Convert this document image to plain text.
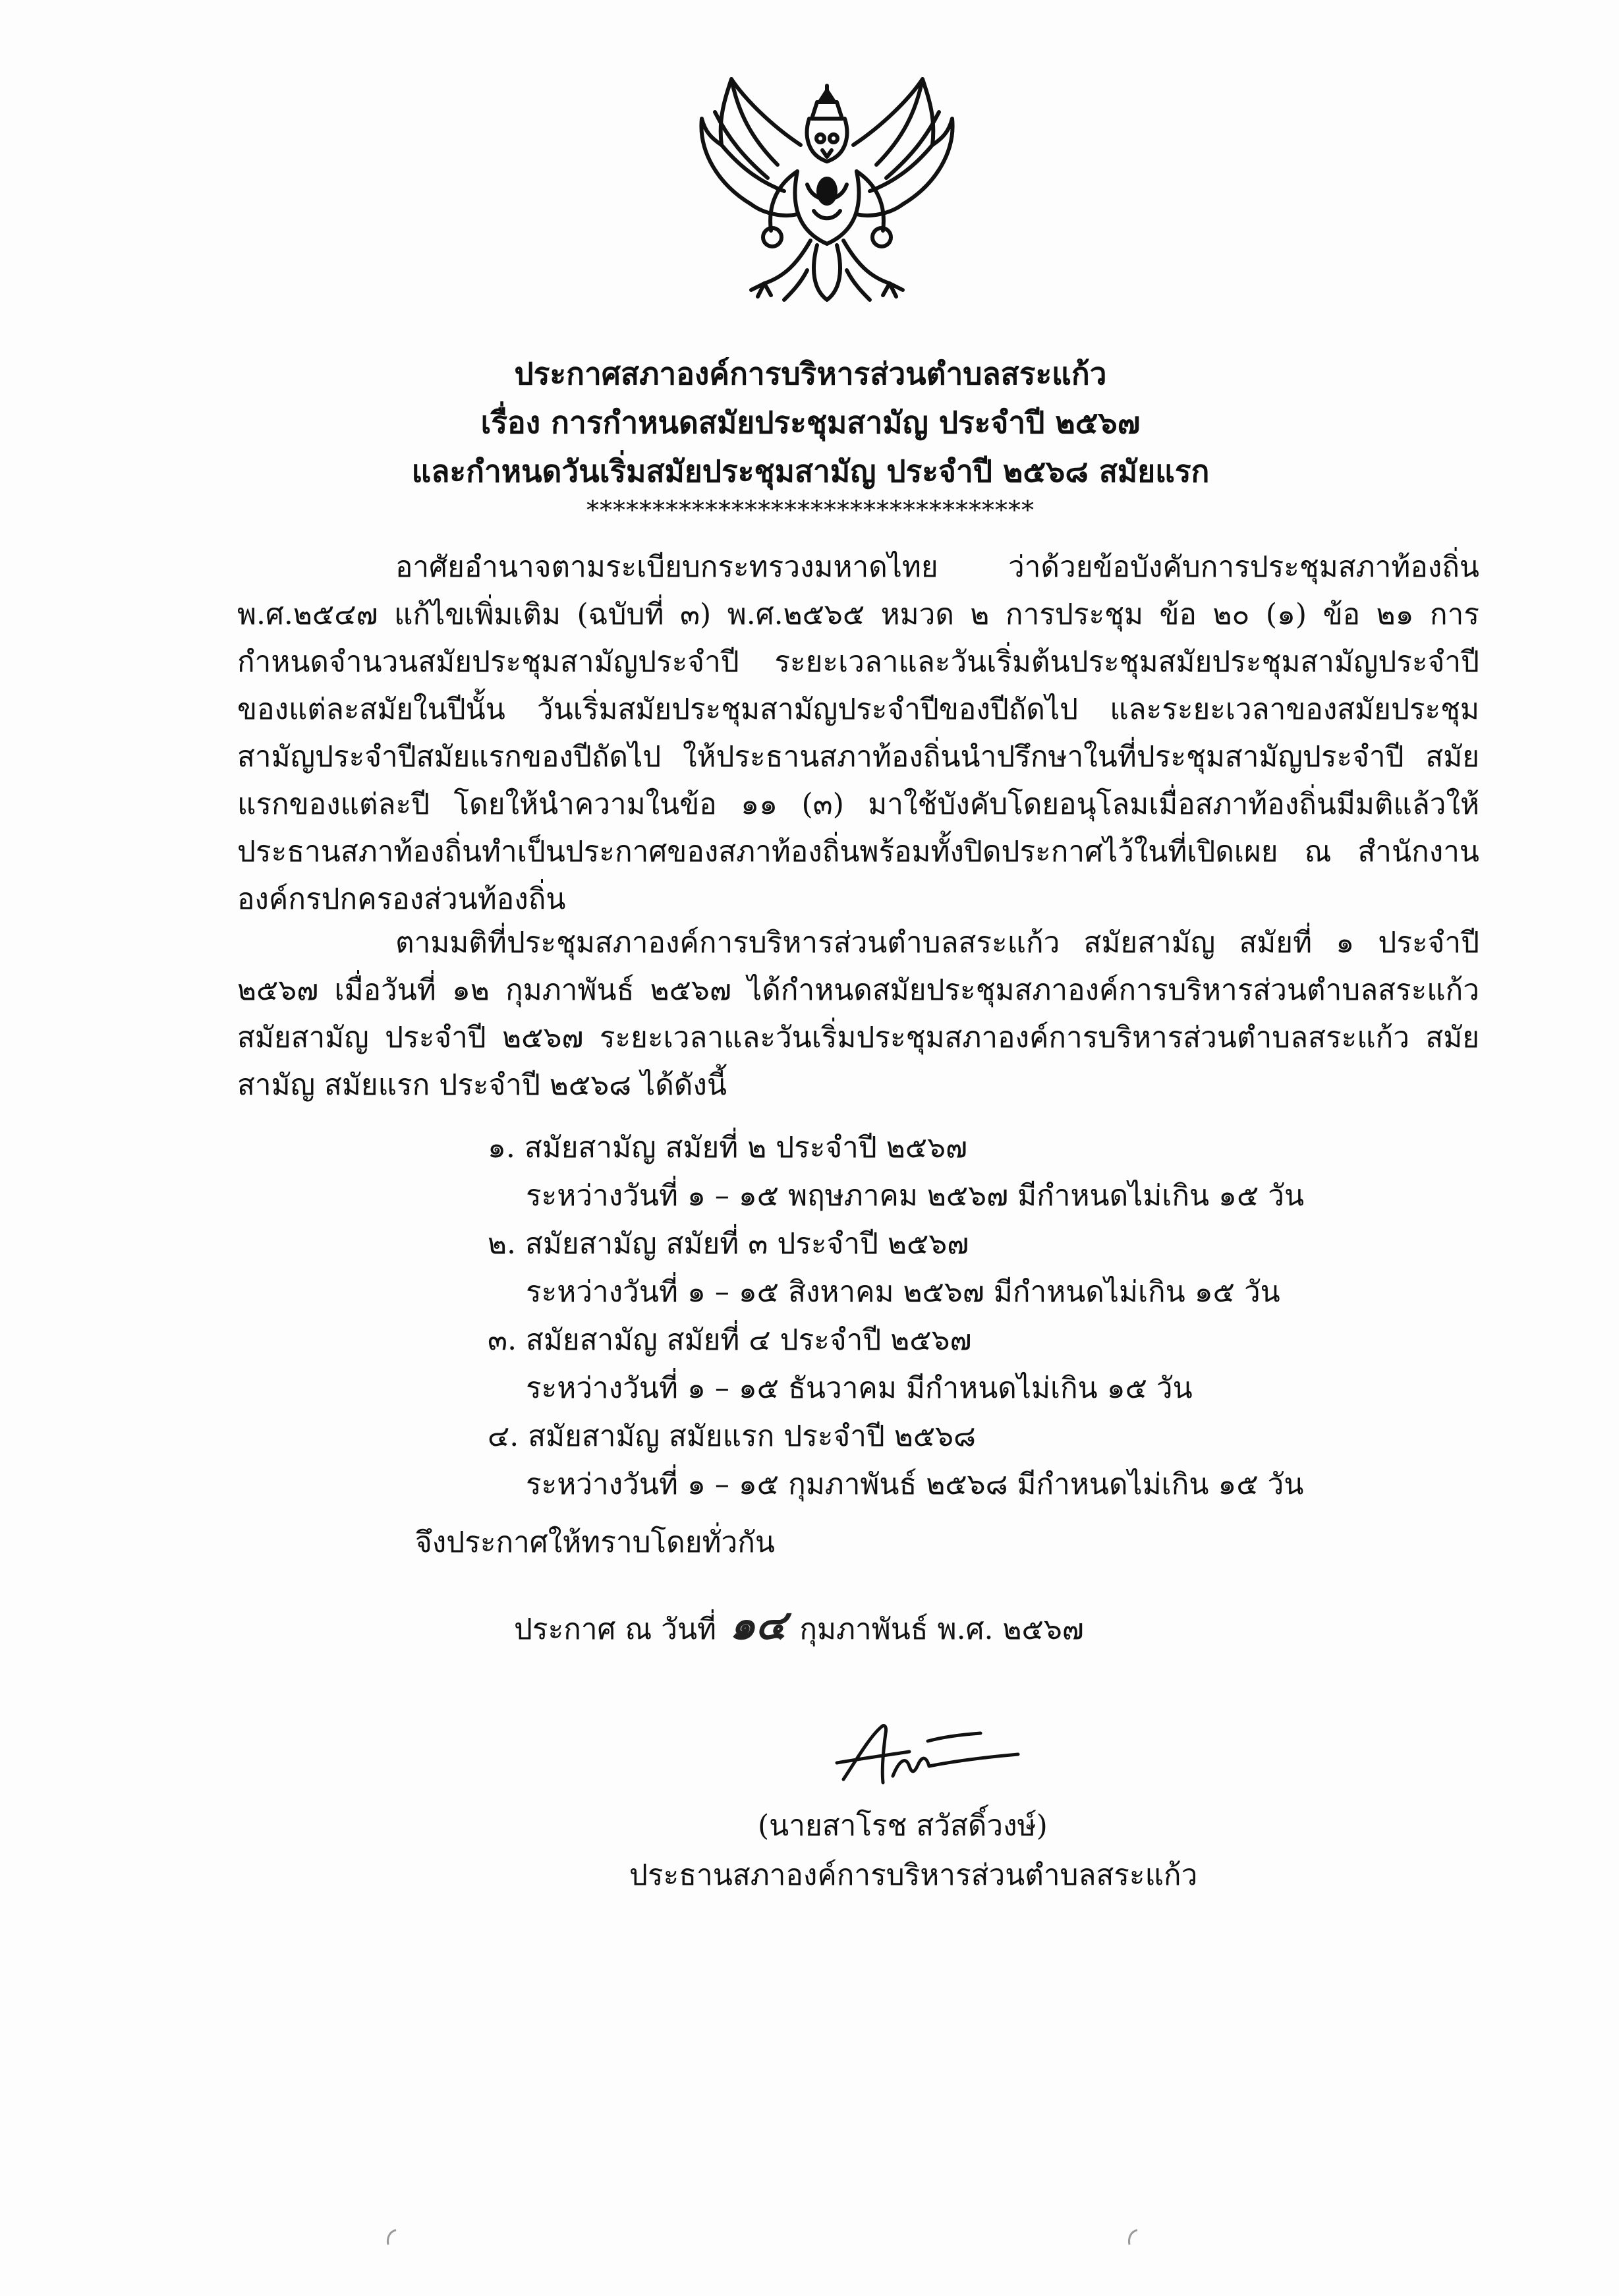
ประกาศสภาองค์การบริหารส่วนตำบลสระแก้ว
เรื่อง การกำหนดสมัยประชุมสามัญ ประจำปี ๒๕๖๗
และกำหนดวันเริ่มสมัยประชุมสามัญ ประจำปี ๒๕๖๘ สมัยแรก
**********************************
อาศัยอำนาจตามระเบียบกระทรวงมหาดไทย ว่าด้วยข้อบังคับการประชุมสภาท้องถิ่น พ.ศ.๒๕๔๗ แก้ไขเพิ่มเติม (ฉบับที่ ๓) พ.ศ.๒๕๖๕ หมวด ๒ การประชุม ข้อ ๒๐ (๑) ข้อ ๒๑ การกำหนดจำนวนสมัยประชุมสามัญประจำปี ระยะเวลาและวันเริ่มต้นประชุมสมัยประชุมสามัญประจำปีของแต่ละสมัยในปีนั้น วันเริ่มสมัยประชุมสามัญประจำปีของปีถัดไป และระยะเวลาของสมัยประชุมสามัญประจำปีสมัยแรกของปีถัดไป ให้ประธานสภาท้องถิ่นนำปรึกษาในที่ประชุมสามัญประจำปี สมัยแรกของแต่ละปี โดยให้นำความในข้อ ๑๑ (๓) มาใช้บังคับโดยอนุโลมเมื่อสภาท้องถิ่นมีมติแล้วให้ประธานสภาท้องถิ่นทำเป็นประกาศของสภาท้องถิ่นพร้อมทั้งปิดประกาศไว้ในที่เปิดเผย ณ สำนักงานองค์กรปกครองส่วนท้องถิ่น
ตามมติที่ประชุมสภาองค์การบริหารส่วนตำบลสระแก้ว สมัยสามัญ สมัยที่ ๑ ประจำปี ๒๕๖๗ เมื่อวันที่ ๑๒ กุมภาพันธ์ ๒๕๖๗ ได้กำหนดสมัยประชุมสภาองค์การบริหารส่วนตำบลสระแก้ว สมัยสามัญ ประจำปี ๒๕๖๗ ระยะเวลาและวันเริ่มประชุมสภาองค์การบริหารส่วนตำบลสระแก้ว สมัยสามัญ สมัยแรก ประจำปี ๒๕๖๘ ได้ดังนี้
๑. สมัยสามัญ สมัยที่ ๒ ประจำปี ๒๕๖๗
ระหว่างวันที่ ๑ – ๑๕ พฤษภาคม ๒๕๖๗ มีกำหนดไม่เกิน ๑๕ วัน
๒. สมัยสามัญ สมัยที่ ๓ ประจำปี ๒๕๖๗
ระหว่างวันที่ ๑ – ๑๕ สิงหาคม ๒๕๖๗ มีกำหนดไม่เกิน ๑๕ วัน
๓. สมัยสามัญ สมัยที่ ๔ ประจำปี ๒๕๖๗
ระหว่างวันที่ ๑ – ๑๕ ธันวาคม มีกำหนดไม่เกิน ๑๕ วัน
๔. สมัยสามัญ สมัยแรก ประจำปี ๒๕๖๘
ระหว่างวันที่ ๑ – ๑๕ กุมภาพันธ์ ๒๕๖๘ มีกำหนดไม่เกิน ๑๕ วัน
จึงประกาศให้ทราบโดยทั่วกัน
ประกาศ ณ วันที่ ๑๔ กุมภาพันธ์ พ.ศ. ๒๕๖๗
(นายสาโรช สวัสดิ์วงษ์)
ประธานสภาองค์การบริหารส่วนตำบลสระแก้ว
